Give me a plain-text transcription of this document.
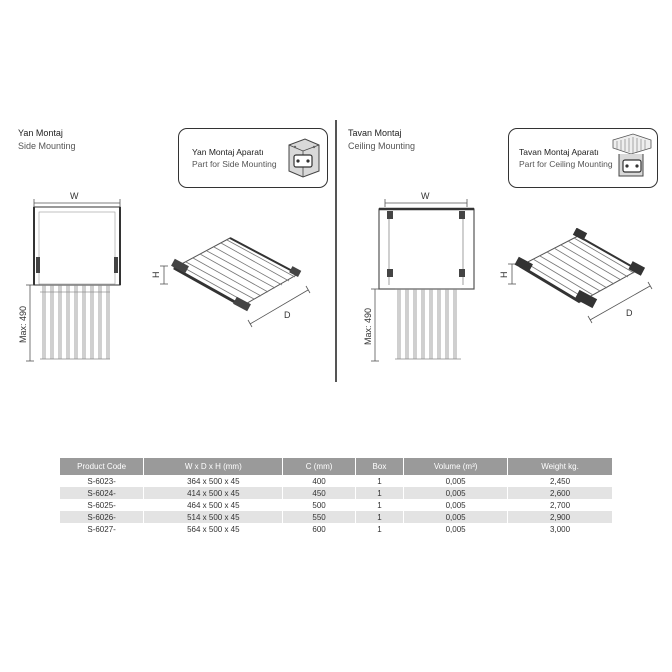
Yan Montaj
Side Mounting
Yan Montaj Aparatı
Part for Side Mounting
W
Max: 490
H
D
Tavan Montaj
Ceiling Mounting
Tavan Montaj Aparatı
Part for Ceiling Mounting
W
Max: 490
H
D
Product Code	W x D x H (mm)	C (mm)	Box	Volume (m³)	Weight kg.
S-6023-	364 x 500 x 45	400	1	0,005	2,450
S-6024-	414 x 500 x 45	450	1	0,005	2,600
S-6025-	464 x 500 x 45	500	1	0,005	2,700
S-6026-	514 x 500 x 45	550	1	0,005	2,900
S-6027-	564 x 500 x 45	600	1	0,005	3,000
